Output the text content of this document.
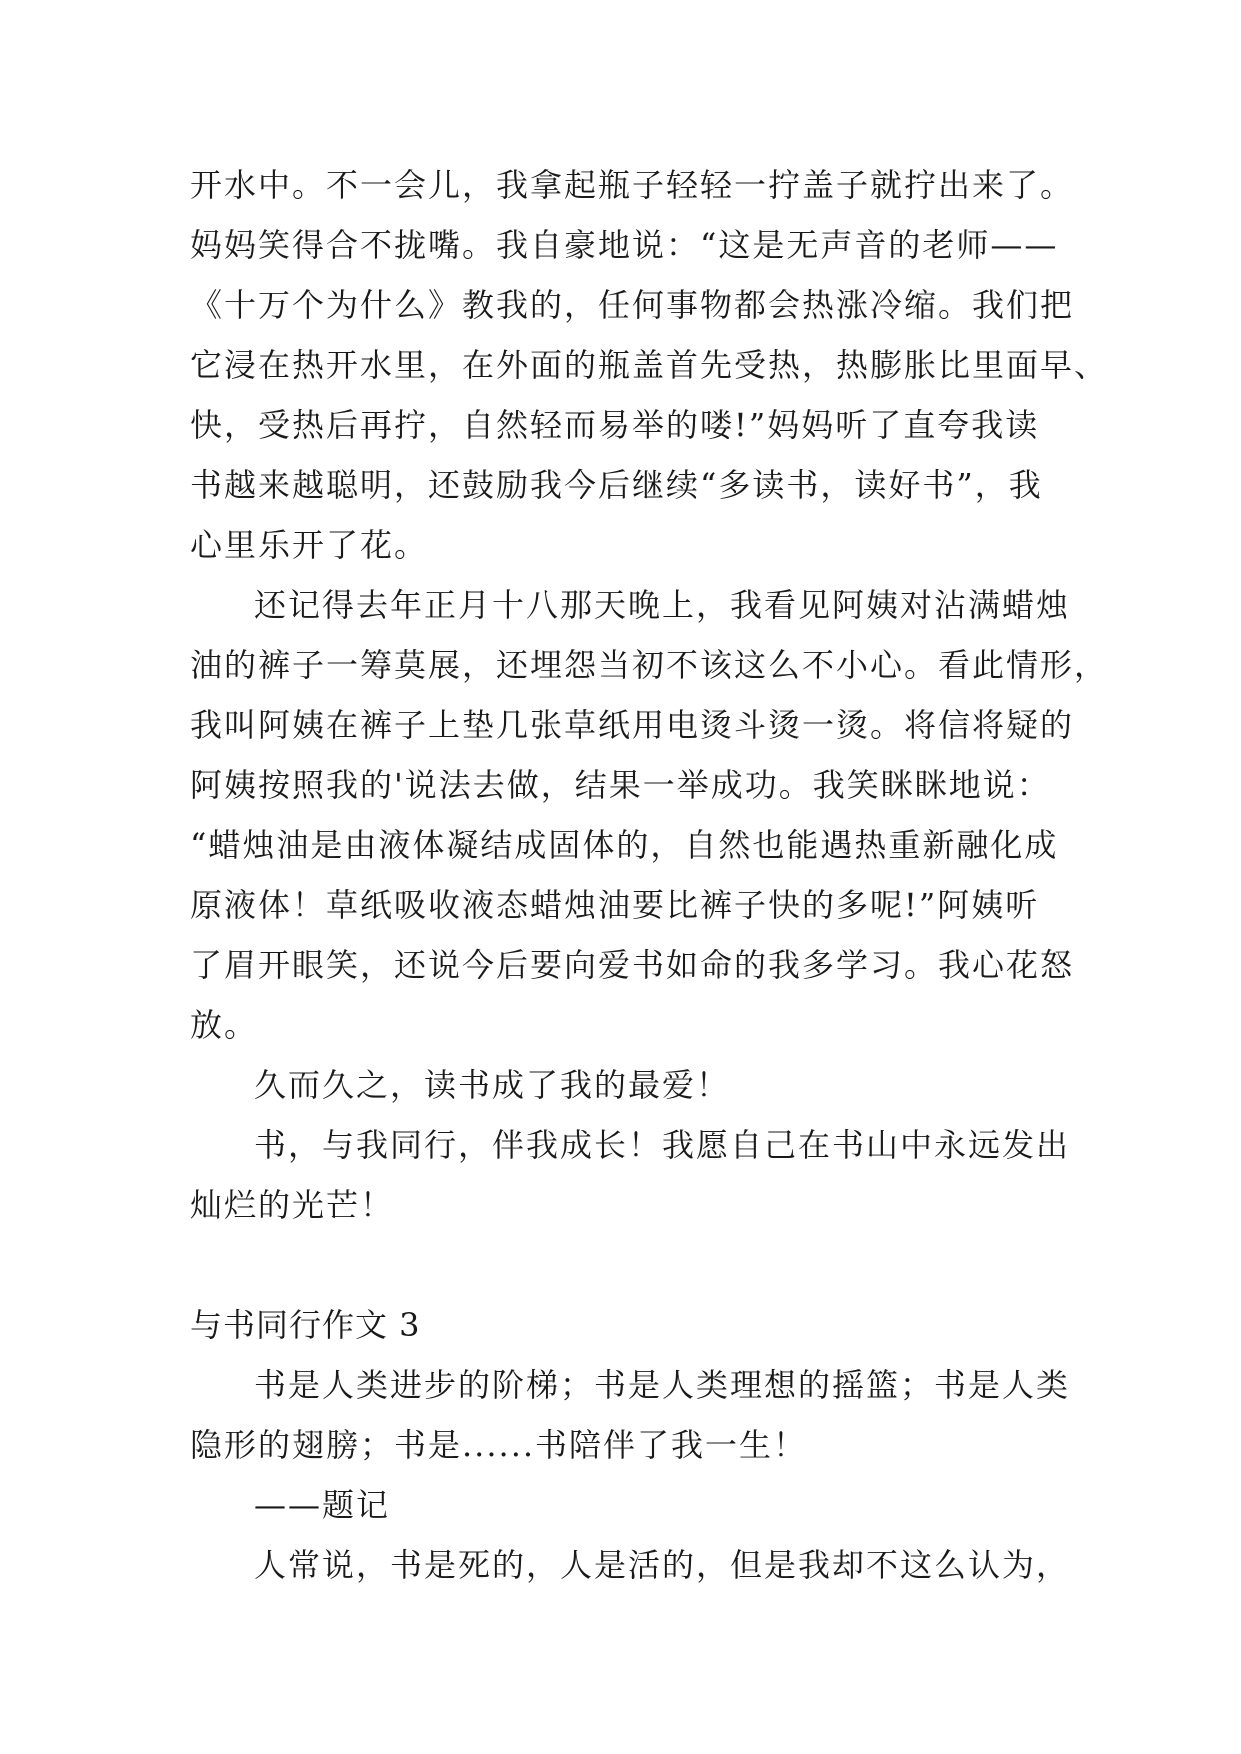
开水中。不一会儿，我拿起瓶子轻轻一拧盖子就拧出来了。
妈妈笑得合不拢嘴。我自豪地说：“这是无声音的老师——
《十万个为什么》教我的，任何事物都会热涨冷缩。我们把
它浸在热开水里，在外面的瓶盖首先受热，热膨胀比里面早、
快，受热后再拧，自然轻而易举的喽!”妈妈听了直夸我读
书越来越聪明，还鼓励我今后继续“多读书，读好书”，我
心里乐开了花。
还记得去年正月十八那天晚上，我看见阿姨对沾满蜡烛
油的裤子一筹莫展，还埋怨当初不该这么不小心。看此情形，
我叫阿姨在裤子上垫几张草纸用电烫斗烫一烫。将信将疑的
阿姨按照我的'说法去做，结果一举成功。我笑眯眯地说：
“蜡烛油是由液体凝结成固体的，自然也能遇热重新融化成
原液体！草纸吸收液态蜡烛油要比裤子快的多呢!”阿姨听
了眉开眼笑，还说今后要向爱书如命的我多学习。我心花怒
放。
久而久之，读书成了我的最爱！
书，与我同行，伴我成长！我愿自己在书山中永远发出
灿烂的光芒！
与书同行作文 3
书是人类进步的阶梯；书是人类理想的摇篮；书是人类
隐形的翅膀；书是......书陪伴了我一生！
——题记
人常说，书是死的，人是活的，但是我却不这么认为，
